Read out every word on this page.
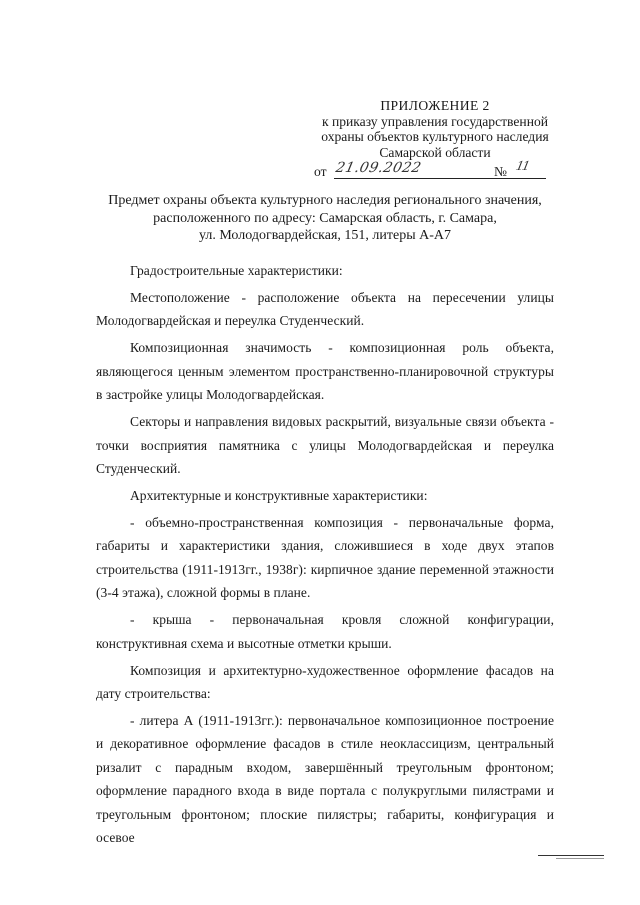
ПРИЛОЖЕНИЕ 2
к приказу управления государственной
охраны объектов культурного наследия
Самарской области
от 21.09.2022	№ 11
Предмет охраны объекта культурного наследия регионального значения,
расположенного по адресу: Самарская область, г. Самара,
ул. Молодогвардейская, 151, литеры А-А7

Градостроительные характеристики:

Местоположение - расположение объекта на пересечении улицы Молодогвардейская и переулка Студенческий.

Композиционная значимость - композиционная роль объекта, являющегося ценным элементом пространственно-планировочной структуры в застройке улицы Молодогвардейская.

Секторы и направления видовых раскрытий, визуальные связи объекта - точки восприятия памятника с улицы Молодогвардейская и переулка Студенческий.

Архитектурные и конструктивные характеристики:

- объемно-пространственная композиция - первоначальные форма, габариты и характеристики здания, сложившиеся в ходе двух этапов строительства (1911-1913гг., 1938г): кирпичное здание переменной этажности (3-4 этажа), сложной формы в плане.

- крыша - первоначальная кровля сложной конфигурации, конструктивная схема и высотные отметки крыши.

Композиция и архитектурно-художественное оформление фасадов на дату строительства:

- литера А (1911-1913гг.): первоначальное композиционное построение и декоративное оформление фасадов в стиле неоклассицизм, центральный ризалит с парадным входом, завершённый треугольным фронтоном; оформление парадного входа в виде портала с полукруглыми пилястрами и треугольным фронтоном; плоские пилястры; габариты, конфигурация и осевое
